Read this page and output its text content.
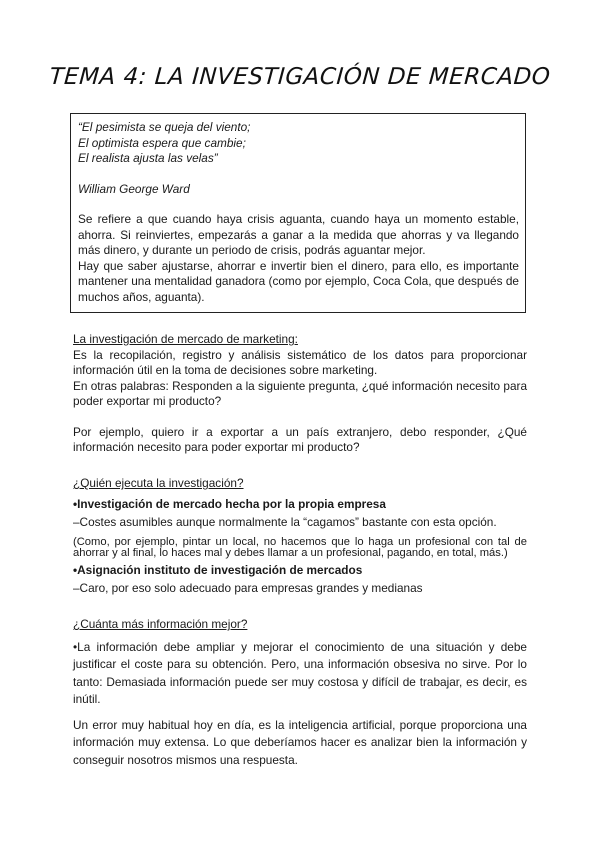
TEMA 4: LA INVESTIGACIÓN DE MERCADO

“El pesimista se queja del viento;

El optimista espera que cambie;

El realista ajusta las velas”

William George Ward

Se refiere a que cuando haya crisis aguanta, cuando haya un momento estable, ahorra. Si reinviertes, empezarás a ganar a la medida que ahorras y va llegando más dinero, y durante un periodo de crisis, podrás aguantar mejor.

Hay que saber ajustarse, ahorrar e invertir bien el dinero, para ello, es importante mantener una mentalidad ganadora (como por ejemplo, Coca Cola, que después de muchos años, aguanta).

La investigación de mercado de marketing:

Es la recopilación, registro y análisis sistemático de los datos para proporcionar información útil en la toma de decisiones sobre marketing.

En otras palabras: Responden a la siguiente pregunta, ¿qué información necesito para poder exportar mi producto?

Por ejemplo, quiero ir a exportar a un país extranjero, debo responder, ¿Qué información necesito para poder exportar mi producto?

¿Quién ejecuta la investigación?

•Investigación de mercado hecha por la propia empresa

–Costes asumibles aunque normalmente la “cagamos” bastante con esta opción.

(Como, por ejemplo, pintar un local, no hacemos que lo haga un profesional con tal de ahorrar y al final, lo haces mal y debes llamar a un profesional, pagando, en total, más.)

•Asignación instituto de investigación de mercados

–Caro, por eso solo adecuado para empresas grandes y medianas

¿Cuánta más información mejor?

•La información debe ampliar y mejorar el conocimiento de una situación y debe justificar el coste para su obtención. Pero, una información obsesiva no sirve. Por lo tanto: Demasiada información puede ser muy costosa y difícil de trabajar, es decir, es inútil.

Un error muy habitual hoy en día, es la inteligencia artificial, porque proporciona una información muy extensa. Lo que deberíamos hacer es analizar bien la información y conseguir nosotros mismos una respuesta.
